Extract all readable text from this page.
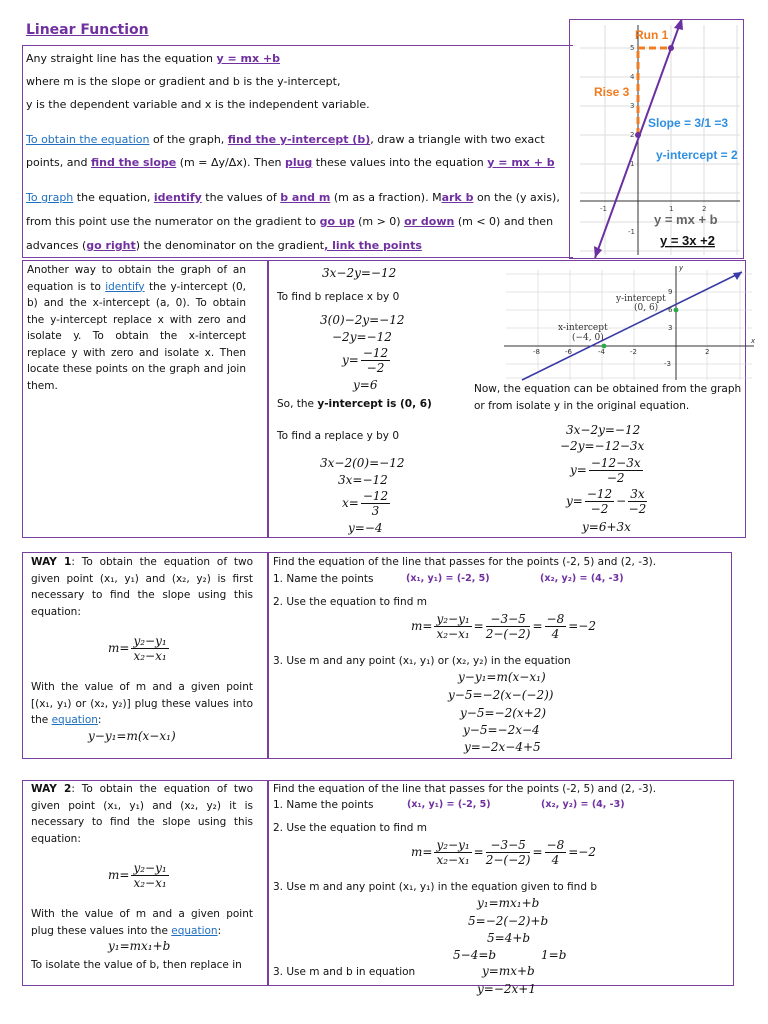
Linear Function
Any straight line has the equation y = mx +b
where m is the slope or gradient and b is the y-intercept,
y is the dependent variable and x is the independent variable.
To obtain the equation of the graph, find the y-intercept (b), draw a triangle with two exact
points, and find the slope (m = Δy/Δx). Then plug these values into the equation y = mx + b
To graph the equation, identify the values of b and m (m as a fraction). Mark b on the (y axis),
from this point use the numerator on the gradient to go up (m > 0) or down (m < 0) and then
advances (go right) the denominator on the gradient, link the points
5
4
3
2
1
-1
-1	1	2
Run 1
Rise 3
Slope = 3/1 =3
y-intercept = 2
y = mx + b
y = 3x +2
Another way to obtain the graph of an equation is to identify the y-intercept (0, b) and the x-intercept (a, 0). To obtain the y-intercept replace x with zero and isolate y. To obtain the x-intercept replace y with zero and isolate x. Then locate these points on the graph and join them.
3x−2y=−12
To find b replace x by 0
3(0)−2y=−12
−2y=−12
$y= \frac{-12}{-2}$
y=6
So, the y-intercept is (0, 6)
To find a replace y by 0
3x−2(0)=−12
3x=−12
$x= \frac{-12}{3}$
y=−4
-8	-6	-4	-2	2
9
6
3
-3
y
x
y-intercept
(0, 6)
x-intercept
(−4, 0)
Now, the equation can be obtained from the graph or from isolate y in the original equation.
3x−2y=−12
−2y=−12−3x
$y= \frac{-12-3x}{-2}$
$y= \frac{-12}{-2} - \frac{3x}{-2}$
y=6+3x
WAY 1: To obtain the equation of two given point (x₁, y₁) and (x₂, y₂) is first necessary to find the slope using this equation:
$m= \frac{\text{y₂−y₁}}{\text{x₂−x₁}}$
With the value of m and a given point [(x₁, y₁) or (x₂, y₂)] plug these values into the equation:
y−y₁=m(x−x₁)
Find the equation of the line that passes for the points (-2, 5) and (2, -3).
1. Name the points	(x₁, y₁) = (-2, 5)	(x₂, y₂) = (4, -3)
2. Use the equation to find m
$m= \frac{\text{y₂−y₁}}{\text{x₂−x₁}} = \frac{-3-5}{2-(-2)} = \frac{-8}{4} =-2$
3. Use m and any point (x₁, y₁) or (x₂, y₂) in the equation
y−y₁=m(x−x₁)
y−5=−2(x−(−2))
y−5=−2(x+2)
y−5=−2x−4
y=−2x−4+5
WAY 2: To obtain the equation of two given point (x₁, y₁) and (x₂, y₂) it is necessary to find the slope using this equation:
$m= \frac{\text{y₂−y₁}}{\text{x₂−x₁}}$
With the value of m and a given point plug these values into the equation:
y₁=mx₁+b
To isolate the value of b, then replace in
Find the equation of the line that passes for the points (-2, 5) and (2, -3).
1. Name the points	(x₁, y₁) = (-2, 5)	(x₂, y₂) = (4, -3)
2. Use the equation to find m
$m= \frac{\text{y₂−y₁}}{\text{x₂−x₁}} = \frac{-3-5}{2-(-2)} = \frac{-8}{4} =-2$
3. Use m and any point (x₁, y₁) in the equation given to find b
y₁=mx₁+b
5=−2(−2)+b
5=4+b
5−4=b	1=b
3. Use m and b in equation	y=mx+b
y=−2x+1
